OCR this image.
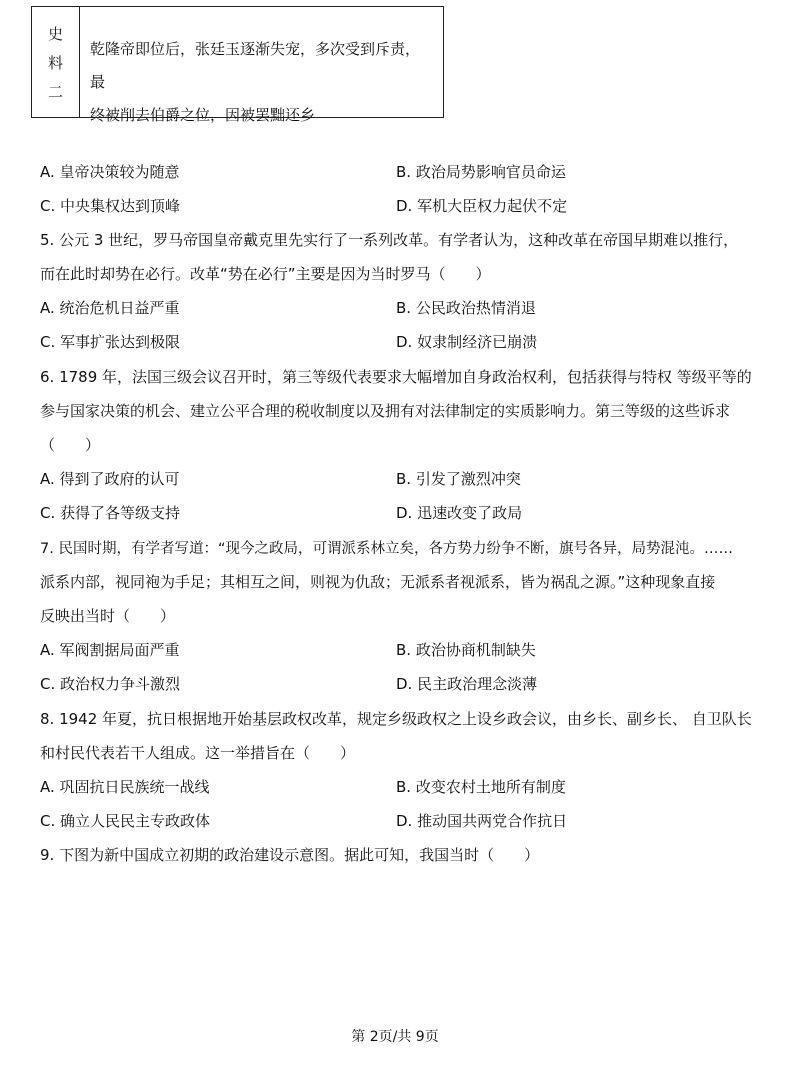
史
料
二
乾隆帝即位后，张廷玉逐渐失宠，多次受到斥责，最
终被削去伯爵之位，因被罢黜还乡
A. 皇帝决策较为随意	B. 政治局势影响官员命运
C. 中央集权达到顶峰	D. 军机大臣权力起伏不定
5. 公元 3 世纪，罗马帝国皇帝戴克里先实行了一系列改革。有学者认为，这种改革在帝国早期难以推行，
而在此时却势在必行。改革“势在必行”主要是因为当时罗马（　　）
A. 统治危机日益严重	B. 公民政治热情消退
C. 军事扩张达到极限	D. 奴隶制经济已崩溃
6. 1789 年，法国三级会议召开时，第三等级代表要求大幅增加自身政治权利，包括获得与特权 等级平等的
参与国家决策的机会、建立公平合理的税收制度以及拥有对法律制定的实质影响力。第三等级的这些诉求
（　　）
A. 得到了政府的认可	B. 引发了激烈冲突
C. 获得了各等级支持	D. 迅速改变了政局
7. 民国时期，有学者写道：“现今之政局，可谓派系林立矣，各方势力纷争不断，旗号各异，局势混沌。……
派系内部，视同袍为手足；其相互之间，则视为仇敌；无派系者视派系，皆为祸乱之源。”这种现象直接
反映出当时（　　）
A. 军阀割据局面严重	B. 政治协商机制缺失
C. 政治权力争斗激烈	D. 民主政治理念淡薄
8. 1942 年夏，抗日根据地开始基层政权改革，规定乡级政权之上设乡政会议，由乡长、副乡长、 自卫队长
和村民代表若干人组成。这一举措旨在（　　）
A. 巩固抗日民族统一战线	B. 改变农村土地所有制度
C. 确立人民民主专政政体	D. 推动国共两党合作抗日
9. 下图为新中国成立初期的政治建设示意图。据此可知，我国当时（　　）
第 2页/共 9页
